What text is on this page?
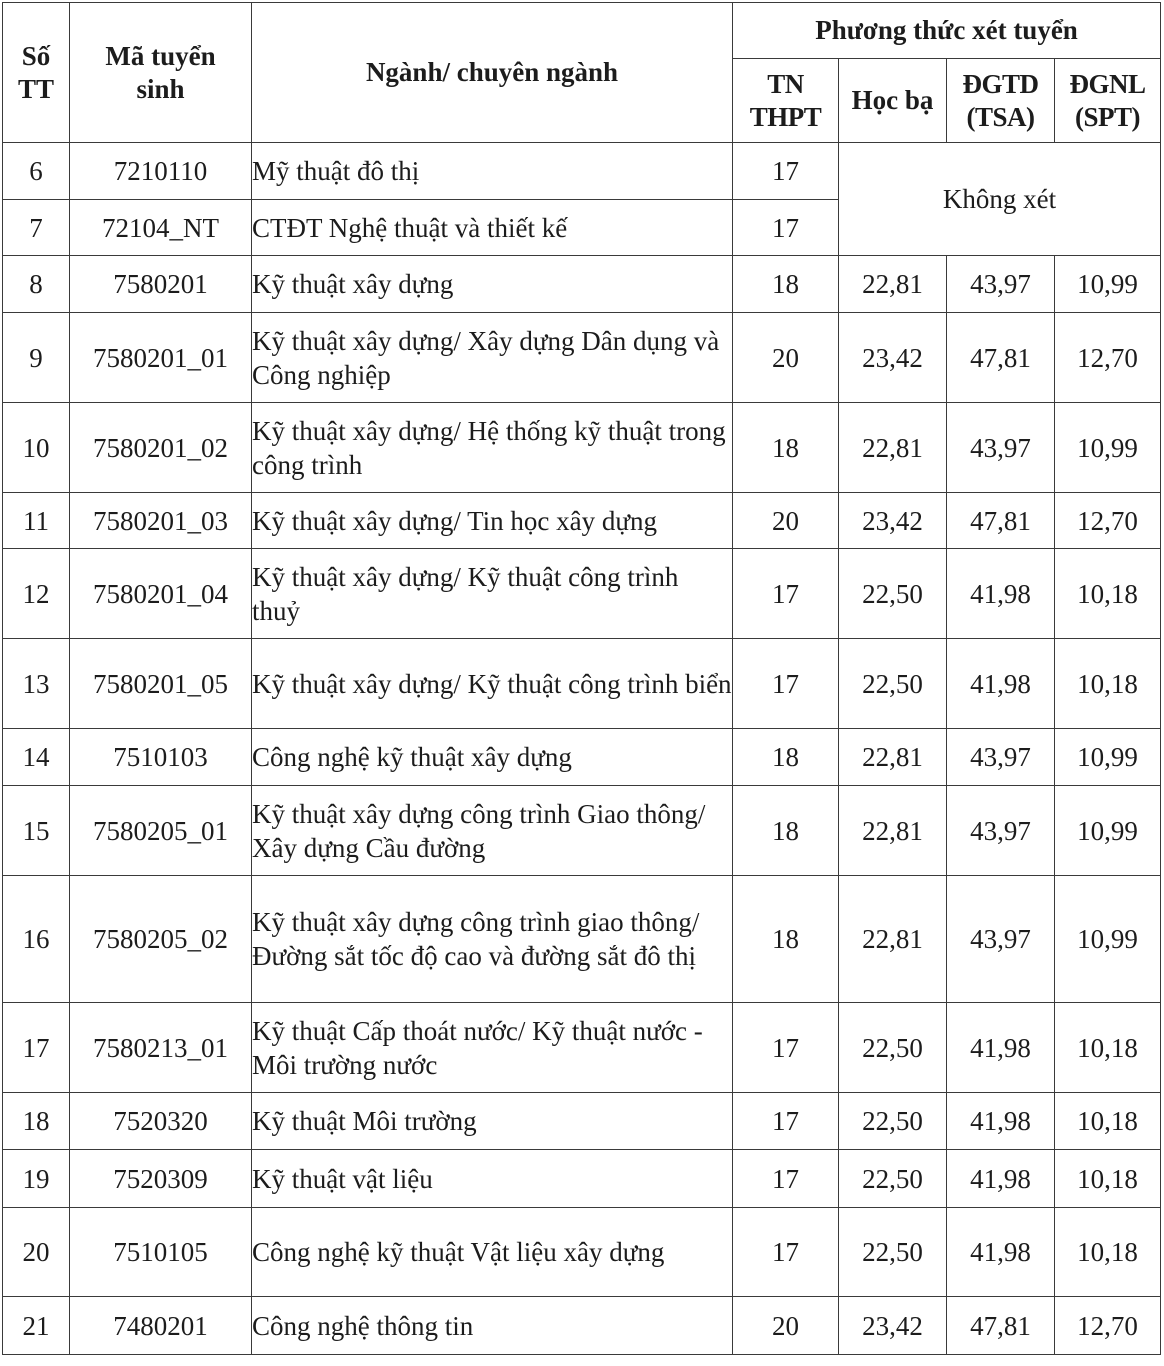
Số TT	Mã tuyển sinh	Ngành/ chuyên ngành	Phương thức xét tuyển			
			TN THPT	Học bạ	ĐGTD (TSA)	ĐGNL (SPT)
6	7210110	Mỹ thuật đô thị	17	Không xét		
7	72104_NT	CTĐT Nghệ thuật và thiết kế	17			
8	7580201	Kỹ thuật xây dựng	18	22,81	43,97	10,99
9	7580201_01	Kỹ thuật xây dựng/ Xây dựng Dân dụng và Công nghiệp	20	23,42	47,81	12,70
10	7580201_02	Kỹ thuật xây dựng/ Hệ thống kỹ thuật trong công trình	18	22,81	43,97	10,99
11	7580201_03	Kỹ thuật xây dựng/ Tin học xây dựng	20	23,42	47,81	12,70
12	7580201_04	Kỹ thuật xây dựng/ Kỹ thuật công trình thuỷ	17	22,50	41,98	10,18
13	7580201_05	Kỹ thuật xây dựng/ Kỹ thuật công trình biển	17	22,50	41,98	10,18
14	7510103	Công nghệ kỹ thuật xây dựng	18	22,81	43,97	10,99
15	7580205_01	Kỹ thuật xây dựng công trình Giao thông/ Xây dựng Cầu đường	18	22,81	43,97	10,99
16	7580205_02	Kỹ thuật xây dựng công trình giao thông/ Đường sắt tốc độ cao và đường sắt đô thị	18	22,81	43,97	10,99
17	7580213_01	Kỹ thuật Cấp thoát nước/ Kỹ thuật nước - Môi trường nước	17	22,50	41,98	10,18
18	7520320	Kỹ thuật Môi trường	17	22,50	41,98	10,18
19	7520309	Kỹ thuật vật liệu	17	22,50	41,98	10,18
20	7510105	Công nghệ kỹ thuật Vật liệu xây dựng	17	22,50	41,98	10,18
21	7480201	Công nghệ thông tin	20	23,42	47,81	12,70
